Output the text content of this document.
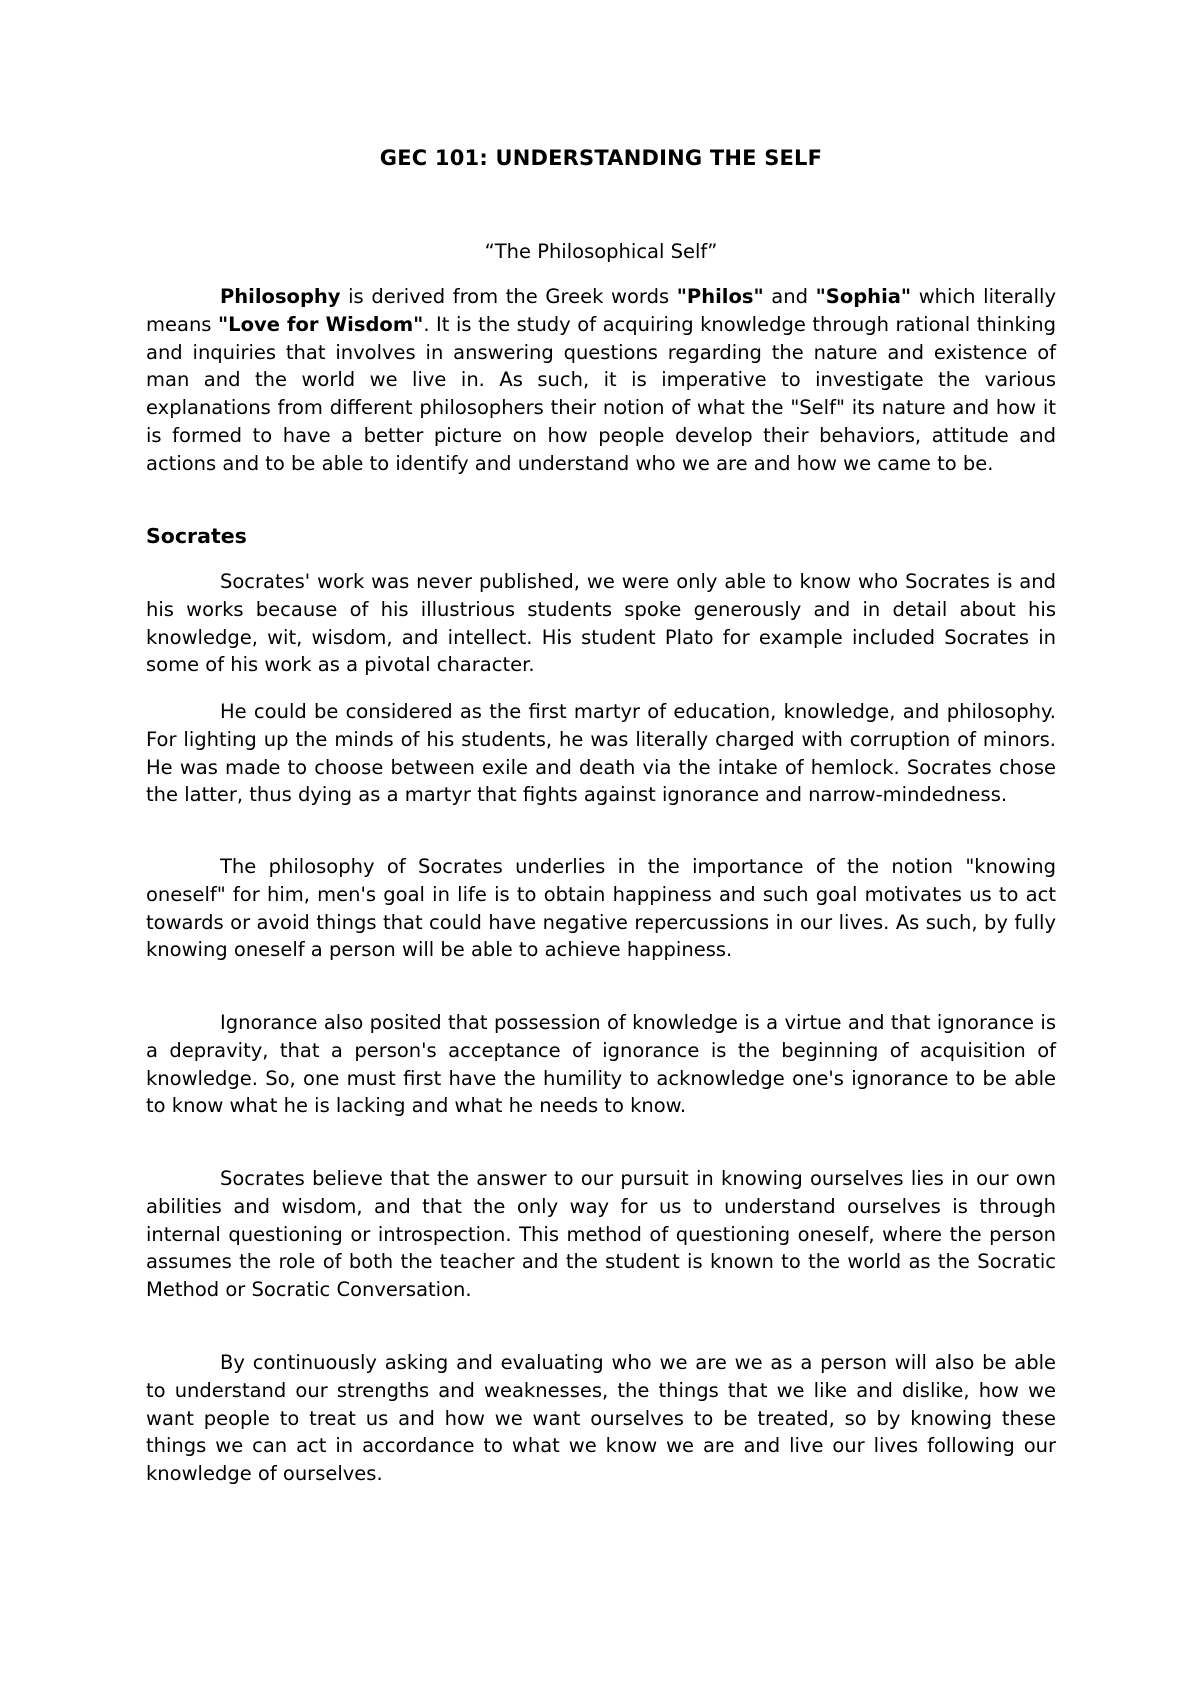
GEC 101: UNDERSTANDING THE SELF
“The Philosophical Self”

Philosophy is derived from the Greek words "Philos" and "Sophia" which literally means "Love for Wisdom". It is the study of acquiring knowledge through rational thinking and inquiries that involves in answering questions regarding the nature and existence of man and the world we live in. As such, it is imperative to investigate the various explanations from different philosophers their notion of what the "Self" its nature and how it is formed to have a better picture on how people develop their behaviors, attitude and actions and to be able to identify and understand who we are and how we came to be.

Socrates

Socrates' work was never published, we were only able to know who Socrates is and his works because of his illustrious students spoke generously and in detail about his knowledge, wit, wisdom, and intellect. His student Plato for example included Socrates in some of his work as a pivotal character.

He could be considered as the first martyr of education, knowledge, and philosophy. For lighting up the minds of his students, he was literally charged with corruption of minors. He was made to choose between exile and death via the intake of hemlock. Socrates chose the latter, thus dying as a martyr that fights against ignorance and narrow-mindedness.

The philosophy of Socrates underlies in the importance of the notion "knowing oneself" for him, men's goal in life is to obtain happiness and such goal motivates us to act towards or avoid things that could have negative repercussions in our lives. As such, by fully knowing oneself a person will be able to achieve happiness.

Ignorance also posited that possession of knowledge is a virtue and that ignorance is a depravity, that a person's acceptance of ignorance is the beginning of acquisition of knowledge. So, one must first have the humility to acknowledge one's ignorance to be able to know what he is lacking and what he needs to know.

Socrates believe that the answer to our pursuit in knowing ourselves lies in our own abilities and wisdom, and that the only way for us to understand ourselves is through internal questioning or introspection. This method of questioning oneself, where the person assumes the role of both the teacher and the student is known to the world as the Socratic Method or Socratic Conversation.

By continuously asking and evaluating who we are we as a person will also be able to understand our strengths and weaknesses, the things that we like and dislike, how we want people to treat us and how we want ourselves to be treated, so by knowing these things we can act in accordance to what we know we are and live our lives following our knowledge of ourselves.
